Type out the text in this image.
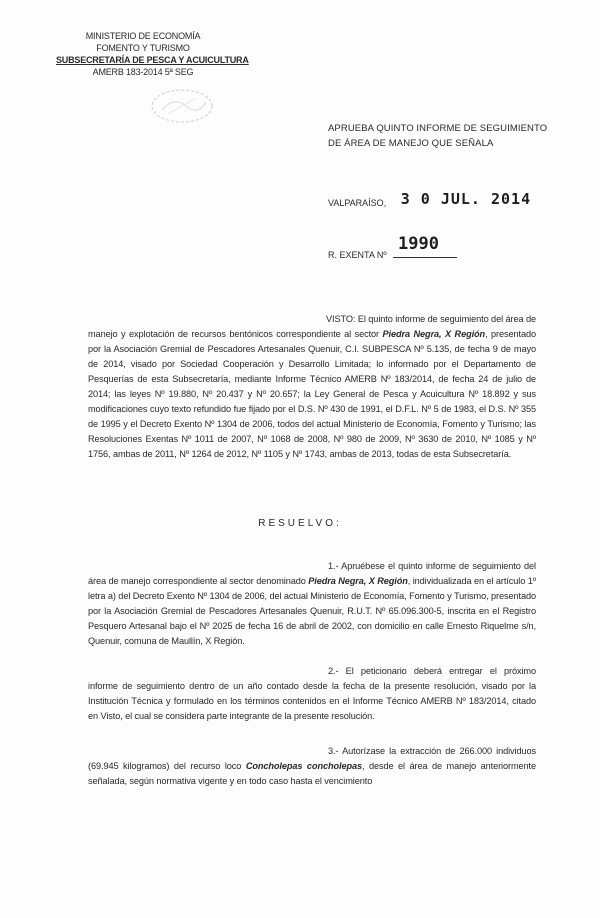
MINISTERIO DE ECONOMÍA
FOMENTO Y TURISMO
SUBSECRETARÍA DE PESCA Y ACUICULTURA
AMERB 183-2014 5ª SEG
APRUEBA QUINTO INFORME DE SEGUIMIENTO DE ÁREA DE MANEJO QUE SEÑALA
VALPARAÍSO, 3 0 JUL. 2014
R. EXENTA Nº
1990
VISTO: El quinto informe de seguimiento del área de manejo y explotación de recursos bentónicos correspondiente al sector Piedra Negra, X Región, presentado por la Asociación Gremial de Pescadores Artesanales Quenuir, C.I. SUBPESCA Nº 5.135, de fecha 9 de mayo de 2014, visado por Sociedad Cooperación y Desarrollo Limitada; lo informado por el Departamento de Pesquerías de esta Subsecretaría, mediante Informe Técnico AMERB Nº 183/2014, de fecha 24 de julio de 2014; las leyes Nº 19.880, Nº 20.437 y Nº 20.657; la Ley General de Pesca y Acuicultura Nº 18.892 y sus modificaciones cuyo texto refundido fue fijado por el D.S. Nº 430 de 1991, el D.F.L. Nº 5 de 1983, el D.S. Nº 355 de 1995 y el Decreto Exento Nº 1304 de 2006, todos del actual Ministerio de Economía, Fomento y Turismo; las Resoluciones Exentas Nº 1011 de 2007, Nº 1068 de 2008, Nº 980 de 2009, Nº 3630 de 2010, Nº 1085 y Nº 1756, ambas de 2011, Nº 1264 de 2012, Nº 1105 y Nº 1743, ambas de 2013, todas de esta Subsecretaría.
RESUELVO:
1.- Apruébese el quinto informe de seguimiento del área de manejo correspondiente al sector denominado Piedra Negra, X Región, individualizada en el artículo 1º letra a) del Decreto Exento Nº 1304 de 2006, del actual Ministerio de Economía, Fomento y Turismo, presentado por la Asociación Gremial de Pescadores Artesanales Quenuir, R.U.T. Nº 65.096.300-5, inscrita en el Registro Pesquero Artesanal bajo el Nº 2025 de fecha 16 de abril de 2002, con domicilio en calle Ernesto Riquelme s/n, Quenuir, comuna de Maullín, X Región.
2.- El peticionario deberá entregar el próximo informe de seguimiento dentro de un año contado desde la fecha de la presente resolución, visado por la Institución Técnica y formulado en los términos contenidos en el Informe Técnico AMERB Nº 183/2014, citado en Visto, el cual se considera parte integrante de la presente resolución.
3.- Autorízase la extracción de 266.000 individuos (69.945 kilogramos) del recurso loco Concholepas concholepas, desde el área de manejo anteriormente señalada, según normativa vigente y en todo caso hasta el vencimiento
